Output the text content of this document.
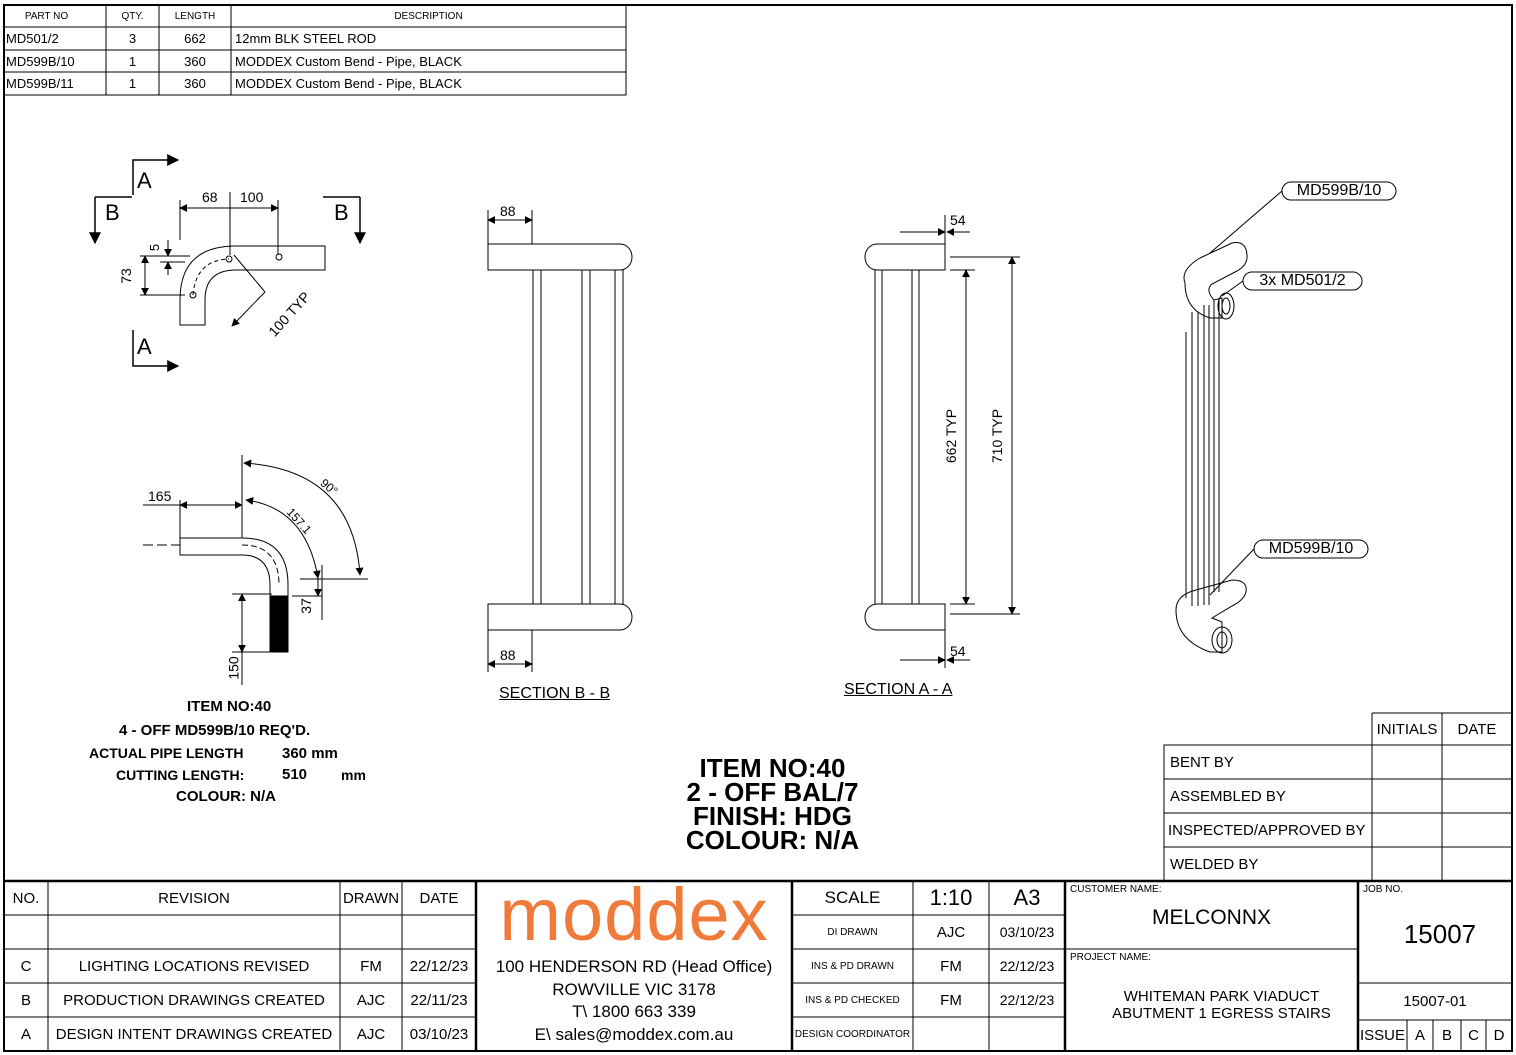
PART NO	QTY.	LENGTH	DESCRIPTION
MD501/2	3	662	12mm BLK STEEL ROD
MD599B/10	1	360	MODDEX Custom Bend - Pipe, BLACK
MD599B/11	1	360	MODDEX Custom Bend - Pipe, BLACK
A
B	B
A
68 100
5
73
100 TYP
165
157.1
90°
37
150
ITEM NO:40
4 - OFF MD599B/10 REQ'D.
ACTUAL PIPE LENGTH	360 mm
CUTTING LENGTH:	510 mm
COLOUR: N/A
88
88
SECTION B - B
54
54
662 TYP 710 TYP
SECTION A - A
MD599B/10
3x MD501/2
MD599B/10
ITEM NO:40
2 - OFF BAL/7
FINISH: HDG
COLOUR: N/A
INITIALS	DATE
BENT BY
ASSEMBLED BY
INSPECTED/APPROVED BY
WELDED BY
NO.	REVISION	DRAWN	DATE
C	LIGHTING LOCATIONS REVISED	FM	22/12/23
B	PRODUCTION DRAWINGS CREATED	AJC	22/11/23
A	DESIGN INTENT DRAWINGS CREATED	AJC	03/10/23
moddex
100 HENDERSON RD (Head Office)
ROWVILLE VIC 3178
T\ 1800 663 339
E\ sales@moddex.com.au
SCALE	1:10	A3
DI DRAWN	AJC	03/10/23
INS & PD DRAWN	FM	22/12/23
INS & PD CHECKED	FM	22/12/23
DESIGN COORDINATOR
CUSTOMER NAME:
MELCONNX
PROJECT NAME:
WHITEMAN PARK VIADUCT
ABUTMENT 1 EGRESS STAIRS
JOB NO.
15007
15007-01
ISSUE A	B	C D
